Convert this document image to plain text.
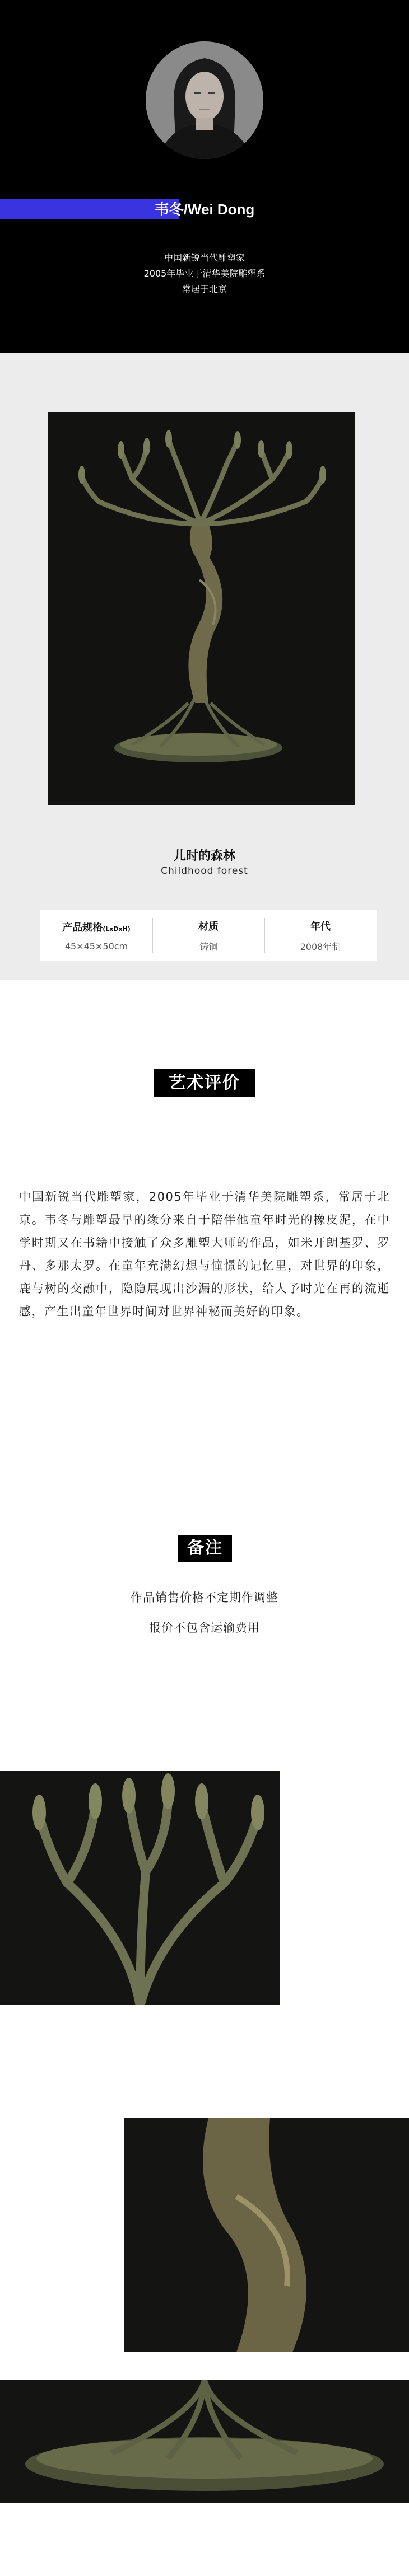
韦冬/Wei Dong
中国新锐当代雕塑家
2005年毕业于清华美院雕塑系
常居于北京
儿时的森林
Childhood forest
产品规格(LxDxH)
45×45×50cm
材质
铸铜
年代
2008年制
艺术评价
中国新锐当代雕塑家，2005年毕业于清华美院雕塑系，常居于北京。韦冬与雕塑最早的缘分来自于陪伴他童年时光的橡皮泥，在中学时期又在书籍中接触了众多雕塑大师的作品，如米开朗基罗、罗丹、多那太罗。在童年充满幻想与憧憬的记忆里，对世界的印象，鹿与树的交融中，隐隐展现出沙漏的形状，给人予时光在再的流逝感，产生出童年世界时间对世界神秘而美好的印象。
备注
作品销售价格不定期作调整
报价不包含运输费用
